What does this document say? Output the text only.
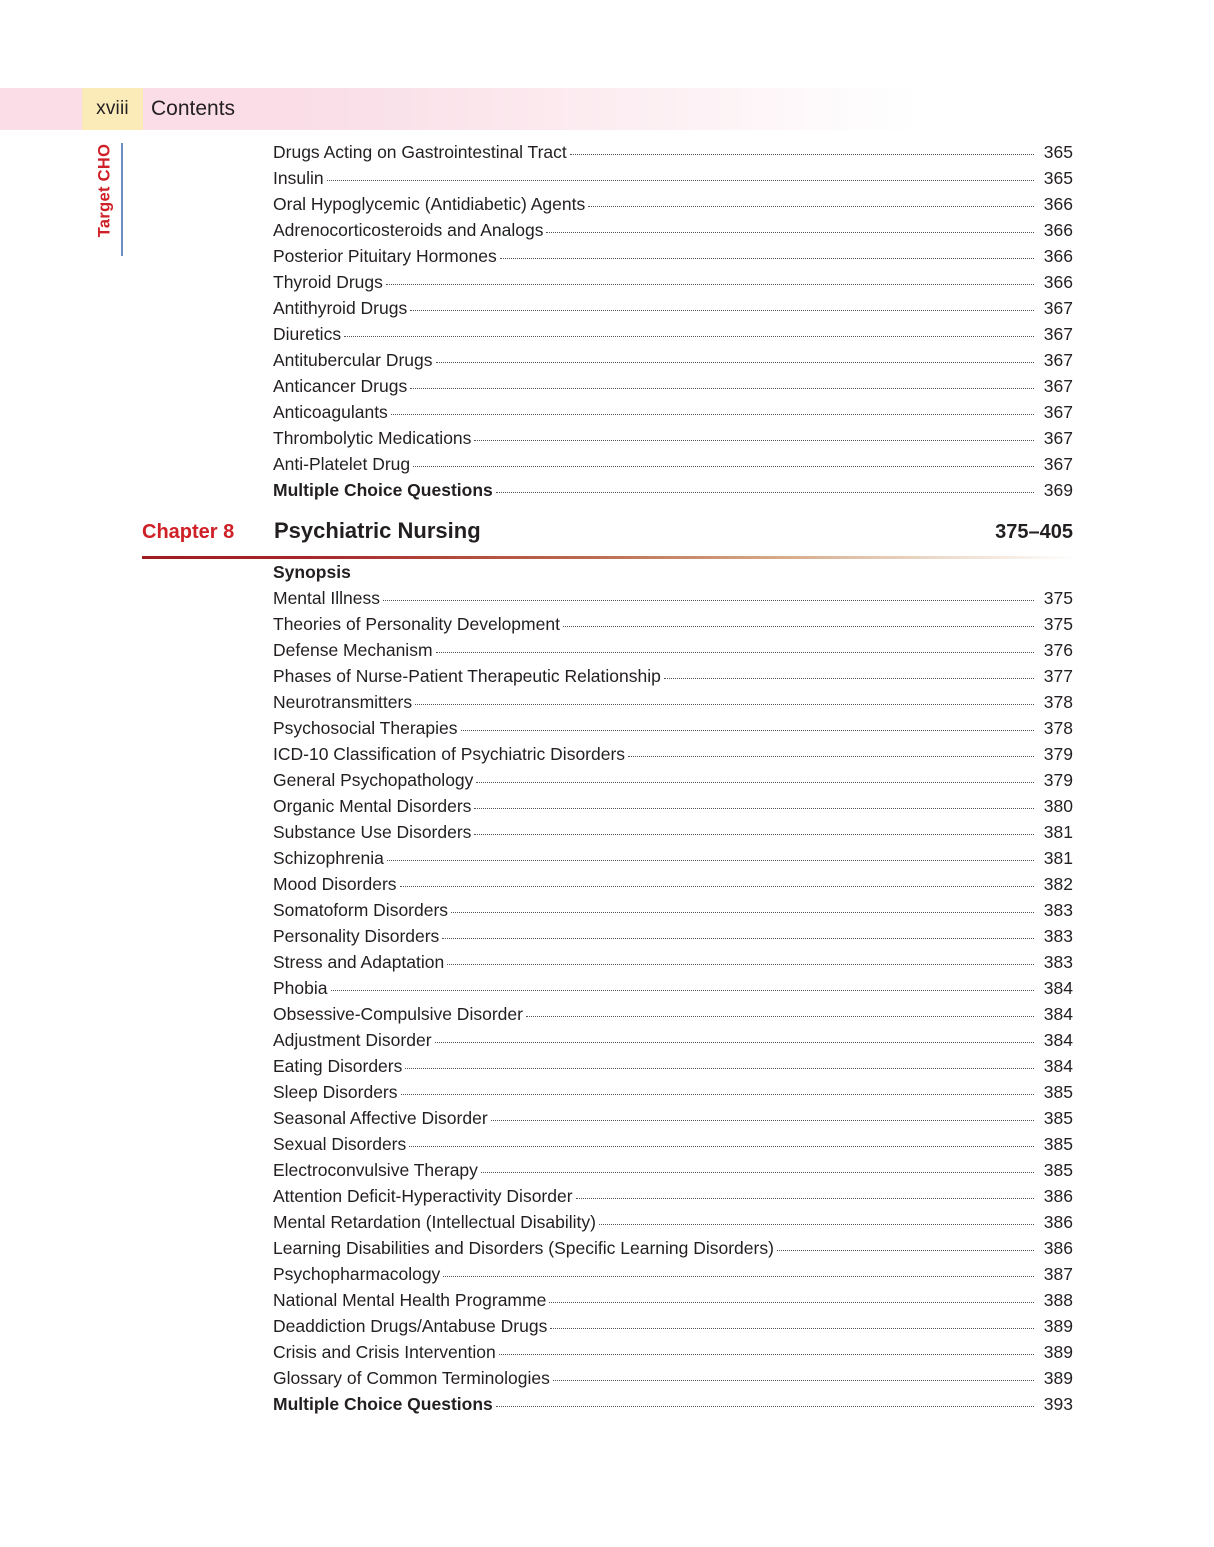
xviii	Contents
Target CHO	Drugs Acting on Gastrointestinal Tract	365
Insulin	365
Oral Hypoglycemic (Antidiabetic) Agents	366
Adrenocorticosteroids and Analogs	366
Posterior Pituitary Hormones	366
Thyroid Drugs	366
Antithyroid Drugs	367
Diuretics	367
Antitubercular Drugs	367
Anticancer Drugs	367
Anticoagulants	367
Thrombolytic Medications	367
Anti-Platelet Drug	367
Multiple Choice Questions	369
Chapter 8	Psychiatric Nursing	375–405
Synopsis
Mental Illness	375
Theories of Personality Development	375
Defense Mechanism	376
Phases of Nurse-Patient Therapeutic Relationship	377
Neurotransmitters	378
Psychosocial Therapies	378
ICD-10 Classification of Psychiatric Disorders	379
General Psychopathology	379
Organic Mental Disorders	380
Substance Use Disorders	381
Schizophrenia	381
Mood Disorders	382
Somatoform Disorders	383
Personality Disorders	383
Stress and Adaptation	383
Phobia	384
Obsessive-Compulsive Disorder	384
Adjustment Disorder	384
Eating Disorders	384
Sleep Disorders	385
Seasonal Affective Disorder	385
Sexual Disorders	385
Electroconvulsive Therapy	385
Attention Deficit-Hyperactivity Disorder	386
Mental Retardation (Intellectual Disability)	386
Learning Disabilities and Disorders (Specific Learning Disorders)	386
Psychopharmacology	387
National Mental Health Programme	388
Deaddiction Drugs/Antabuse Drugs	389
Crisis and Crisis Intervention	389
Glossary of Common Terminologies	389
Multiple Choice Questions	393
